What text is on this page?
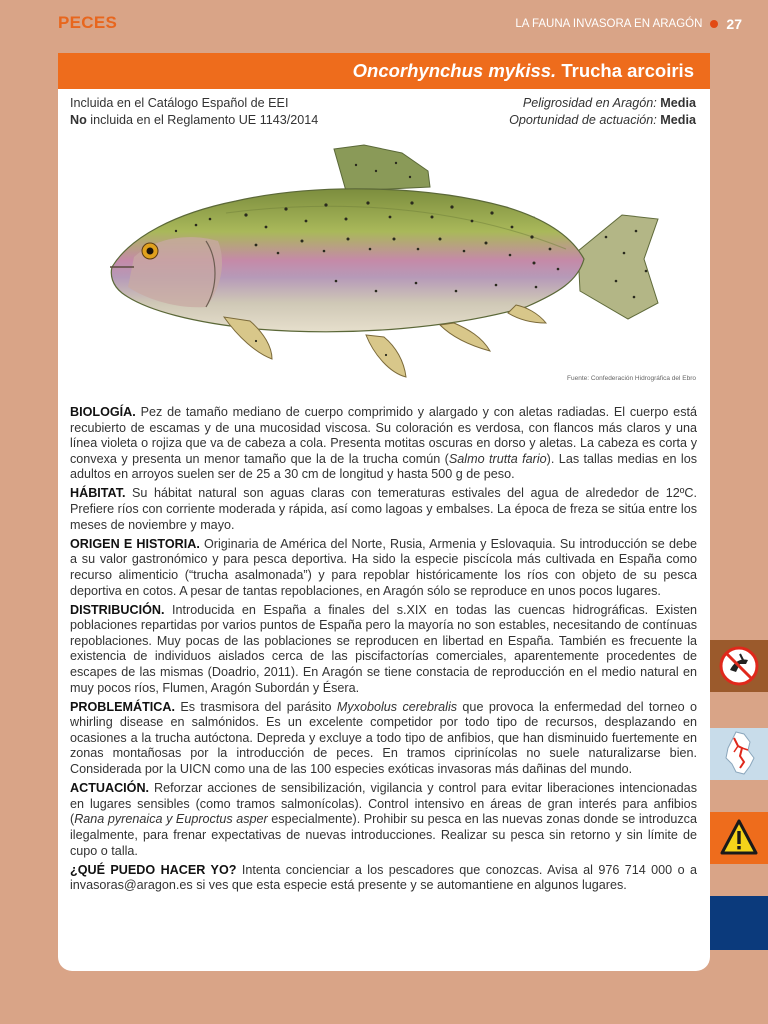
PECES	LA FAUNA INVASORA EN ARAGÓN 27
Oncorhynchus mykiss. Trucha arcoiris
Incluida en el Catálogo Español de EEI
No incluida en el Reglamento UE 1143/2014
Peligrosidad en Aragón: Media
Oportunidad de actuación: Media
Fuente: Confederación Hidrográfica del Ebro

BIOLOGÍA. Pez de tamaño mediano de cuerpo comprimido y alargado y con aletas radiadas. El cuerpo está recubierto de escamas y de una mucosidad viscosa. Su coloración es verdosa, con flancos más claros y una línea violeta o rojiza que va de cabeza a cola. Presenta motitas oscuras en dorso y aletas. La cabeza es corta y convexa y presenta un menor tamaño que la de la trucha común (Salmo trutta fario). Las tallas medias en los adultos en arroyos suelen ser de 25 a 30 cm de longitud y hasta 500 g de peso.

HÁBITAT. Su hábitat natural son aguas claras con temeraturas estivales del agua de alrededor de 12ºC. Prefiere ríos con corriente moderada y rápida, así como lagoas y embalses. La época de freza se sitúa entre los meses de noviembre y mayo.

ORIGEN E HISTORIA. Originaria de América del Norte, Rusia, Armenia y Eslovaquia. Su introducción se debe a su valor gastronómico y para pesca deportiva. Ha sido la especie piscícola más cultivada en España como recurso alimenticio (“trucha asalmonada”) y para repoblar históricamente los ríos con objeto de su pesca deportiva en cotos. A pesar de tantas repoblaciones, en Aragón sólo se reproduce en unos pocos lugares.

DISTRIBUCIÓN. Introducida en España a finales del s.XIX en todas las cuencas hidrográficas. Existen poblaciones repartidas por varios puntos de España pero la mayoría no son estables, necesitando de contínuas repoblaciones. Muy pocas de las poblaciones se reproducen en libertad en España. También es frecuente la existencia de individuos aislados cerca de las piscifactorías comerciales, aparentemente procedentes de escapes de las mismas (Doadrio, 2011). En Aragón se tiene constacia de reproducción en el medio natural en muy pocos ríos, Flumen, Aragón Subordán y Ésera.

PROBLEMÁTICA. Es trasmisora del parásito Myxobolus cerebralis que provoca la enfermedad del torneo o whirling disease en salmónidos. Es un excelente competidor por todo tipo de recursos, desplazando en ocasiones a la trucha autóctona. Depreda y excluye a todo tipo de anfibios, que han disminuido fuertemente en zonas montañosas por la introducción de peces. En tramos ciprinícolas no suele naturalizarse bien. Considerada por la UICN como una de las 100 especies exóticas invasoras más dañinas del mundo.

ACTUACIÓN. Reforzar acciones de sensibilización, vigilancia y control para evitar liberaciones intencionadas en lugares sensibles (como tramos salmonícolas). Control intensivo en áreas de gran interés para anfibios (Rana pyrenaica y Euproctus asper especialmente). Prohibir su pesca en las nuevas zonas donde se introduzca ilegalmente, para frenar expectativas de nuevas introducciones. Realizar su pesca sin retorno y sin límite de cupo o talla.

¿QUÉ PUEDO HACER YO? Intenta concienciar a los pescadores que conozcas. Avisa al 976 714 000 o a invasoras@aragon.es si ves que esta especie está presente y se automantiene en algunos lugares.
